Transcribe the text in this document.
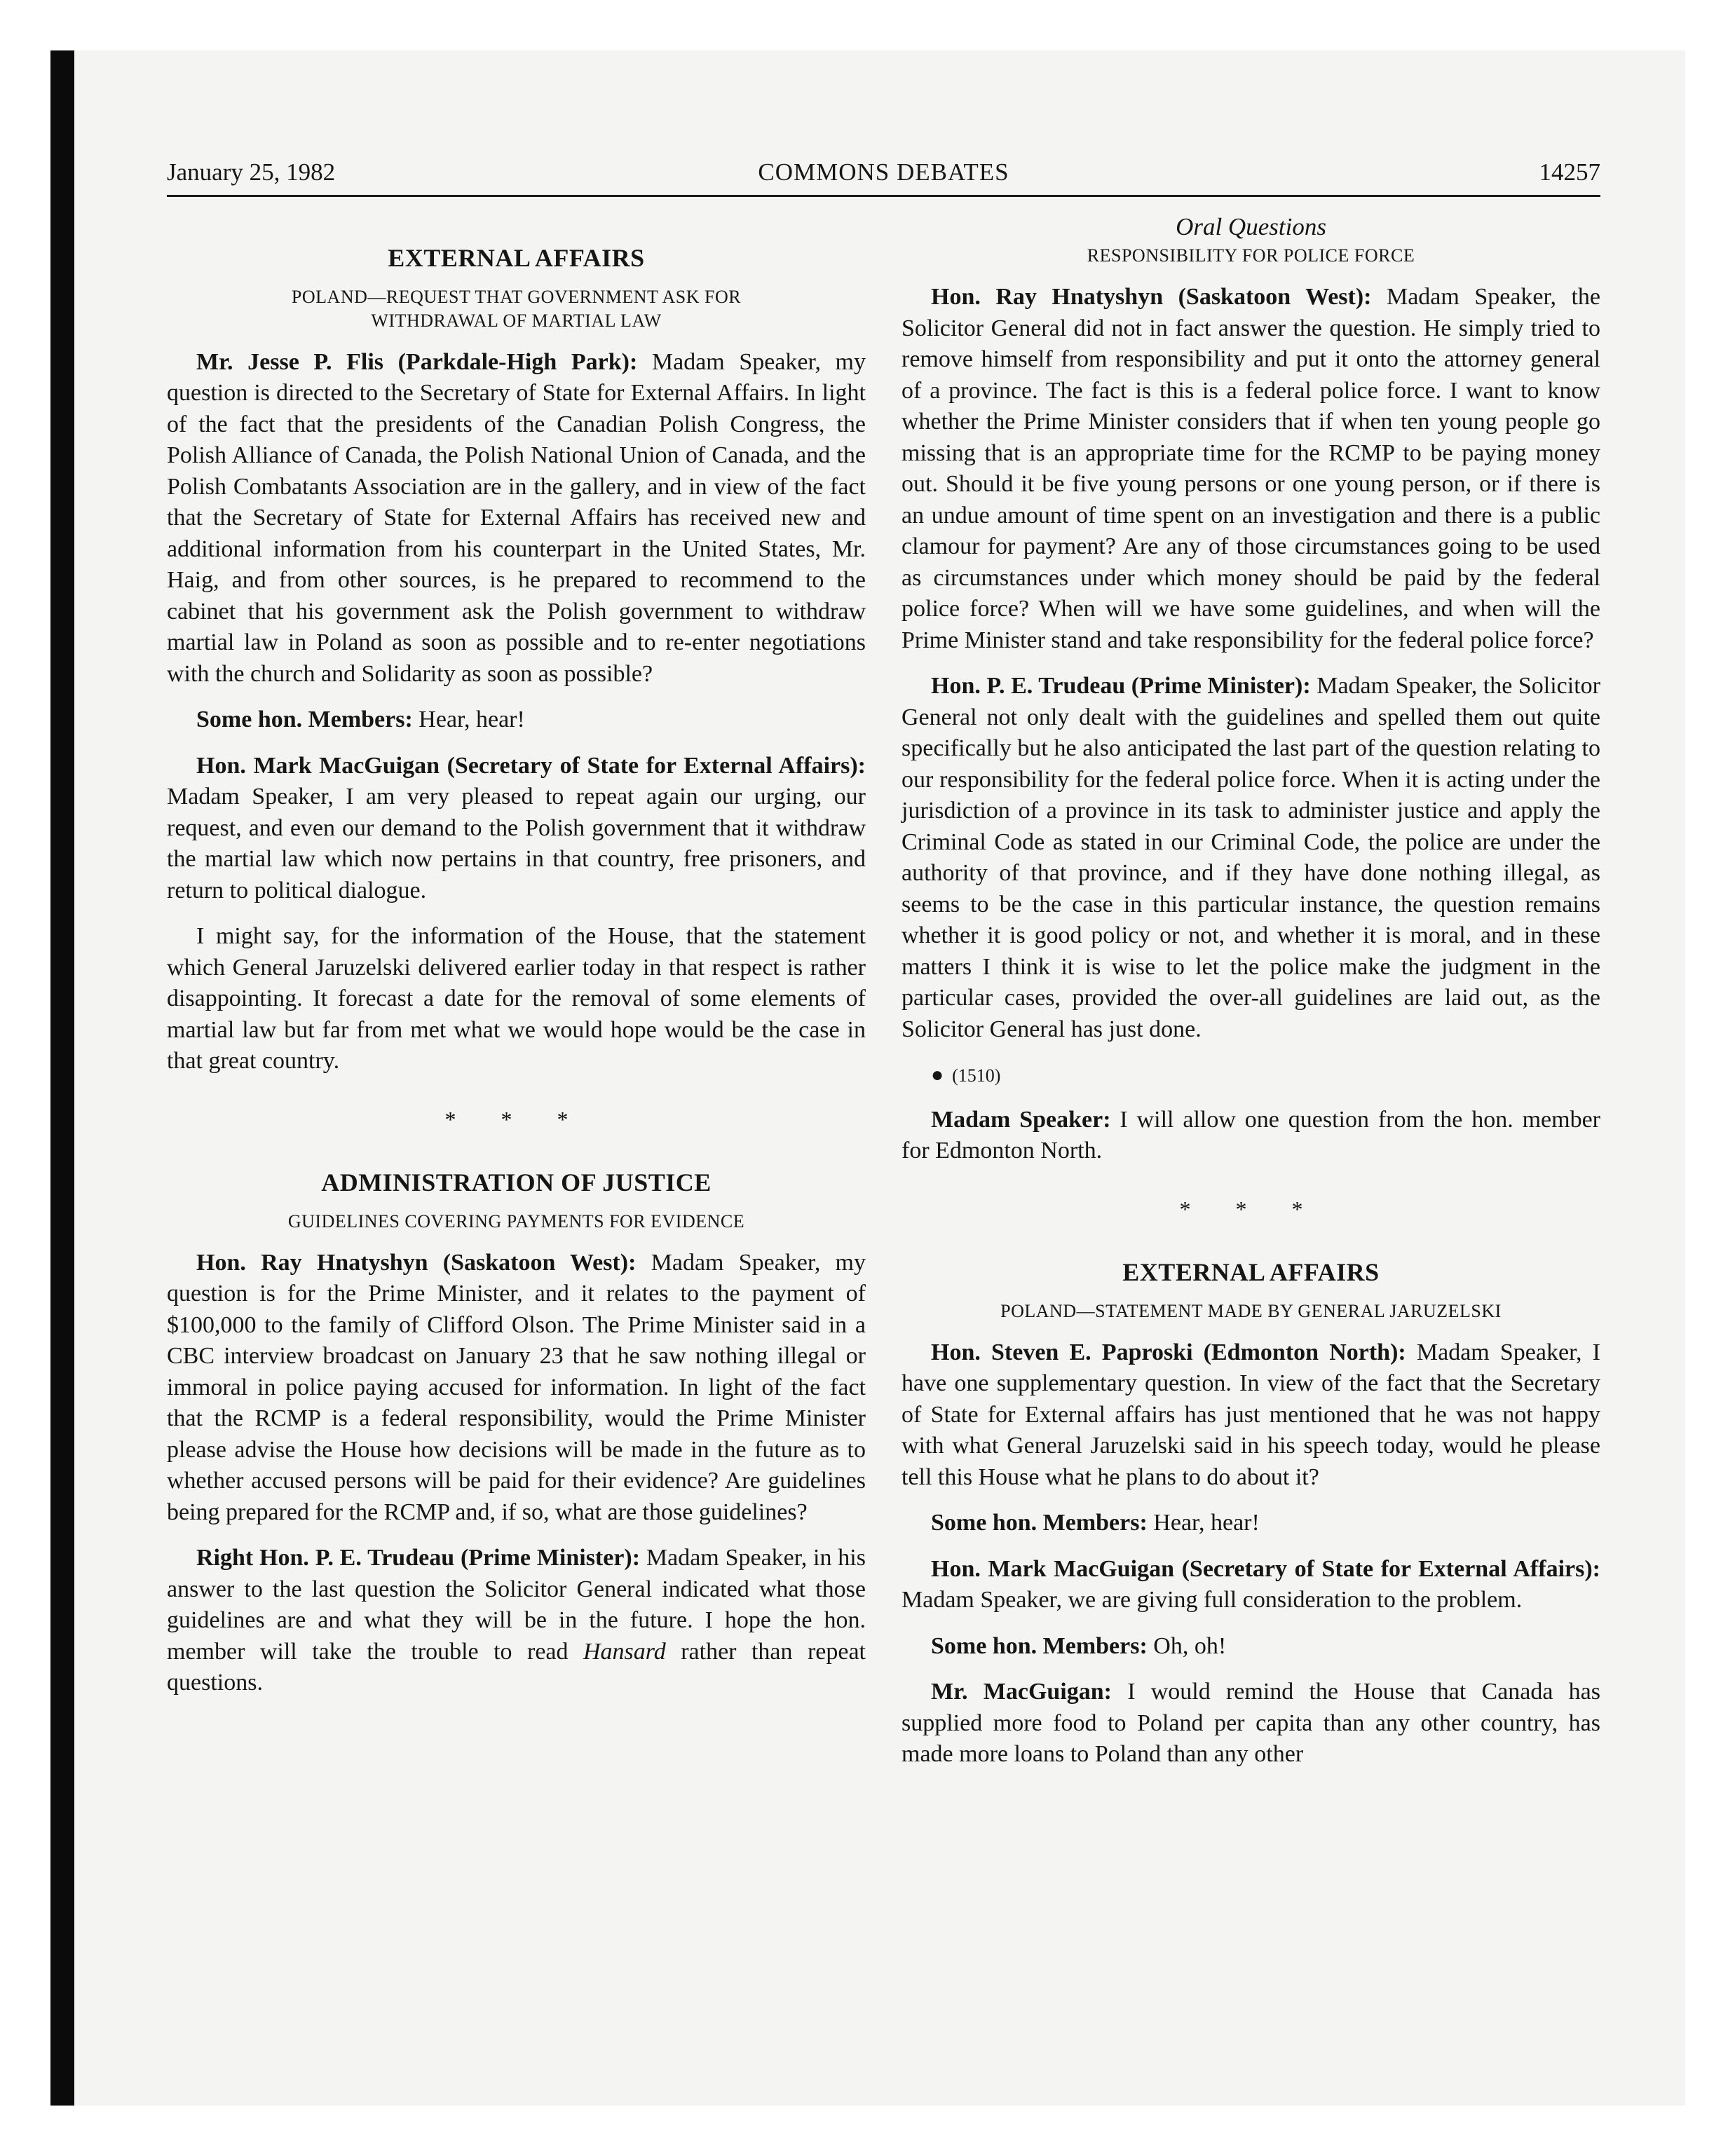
January 25, 1982	COMMONS DEBATES	14257
EXTERNAL AFFAIRS
POLAND—REQUEST THAT GOVERNMENT ASK FOR
WITHDRAWAL OF MARTIAL LAW

Mr. Jesse P. Flis (Parkdale-High Park): Madam Speaker, my question is directed to the Secretary of State for External Affairs. In light of the fact that the presidents of the Canadian Polish Congress, the Polish Alliance of Canada, the Polish National Union of Canada, and the Polish Combatants Association are in the gallery, and in view of the fact that the Secretary of State for External Affairs has received new and additional information from his counterpart in the United States, Mr. Haig, and from other sources, is he prepared to recommend to the cabinet that his government ask the Polish government to withdraw martial law in Poland as soon as possible and to re-enter negotiations with the church and Solidarity as soon as possible?

Some hon. Members: Hear, hear!

Hon. Mark MacGuigan (Secretary of State for External Affairs): Madam Speaker, I am very pleased to repeat again our urging, our request, and even our demand to the Polish government that it withdraw the martial law which now pertains in that country, free prisoners, and return to political dialogue.

I might say, for the information of the House, that the statement which General Jaruzelski delivered earlier today in that respect is rather disappointing. It forecast a date for the removal of some elements of martial law but far from met what we would hope would be the case in that great country.

* * *
ADMINISTRATION OF JUSTICE
GUIDELINES COVERING PAYMENTS FOR EVIDENCE

Hon. Ray Hnatyshyn (Saskatoon West): Madam Speaker, my question is for the Prime Minister, and it relates to the payment of $100,000 to the family of Clifford Olson. The Prime Minister said in a CBC interview broadcast on January 23 that he saw nothing illegal or immoral in police paying accused for information. In light of the fact that the RCMP is a federal responsibility, would the Prime Minister please advise the House how decisions will be made in the future as to whether accused persons will be paid for their evidence? Are guidelines being prepared for the RCMP and, if so, what are those guidelines?

Right Hon. P. E. Trudeau (Prime Minister): Madam Speaker, in his answer to the last question the Solicitor General indicated what those guidelines are and what they will be in the future. I hope the hon. member will take the trouble to read Hansard rather than repeat questions.

Oral Questions
RESPONSIBILITY FOR POLICE FORCE

Hon. Ray Hnatyshyn (Saskatoon West): Madam Speaker, the Solicitor General did not in fact answer the question. He simply tried to remove himself from responsibility and put it onto the attorney general of a province. The fact is this is a federal police force. I want to know whether the Prime Minister considers that if when ten young people go missing that is an appropriate time for the RCMP to be paying money out. Should it be five young persons or one young person, or if there is an undue amount of time spent on an investigation and there is a public clamour for payment? Are any of those circumstances going to be used as circumstances under which money should be paid by the federal police force? When will we have some guidelines, and when will the Prime Minister stand and take responsibility for the federal police force?

Hon. P. E. Trudeau (Prime Minister): Madam Speaker, the Solicitor General not only dealt with the guidelines and spelled them out quite specifically but he also anticipated the last part of the question relating to our responsibility for the federal police force. When it is acting under the jurisdiction of a province in its task to administer justice and apply the Criminal Code as stated in our Criminal Code, the police are under the authority of that province, and if they have done nothing illegal, as seems to be the case in this particular instance, the question remains whether it is good policy or not, and whether it is moral, and in these matters I think it is wise to let the police make the judgment in the particular cases, provided the over-all guidelines are laid out, as the Solicitor General has just done.

● (1510)

Madam Speaker: I will allow one question from the hon. member for Edmonton North.

* * *
EXTERNAL AFFAIRS
POLAND—STATEMENT MADE BY GENERAL JARUZELSKI

Hon. Steven E. Paproski (Edmonton North): Madam Speaker, I have one supplementary question. In view of the fact that the Secretary of State for External affairs has just mentioned that he was not happy with what General Jaruzelski said in his speech today, would he please tell this House what he plans to do about it?

Some hon. Members: Hear, hear!

Hon. Mark MacGuigan (Secretary of State for External Affairs): Madam Speaker, we are giving full consideration to the problem.

Some hon. Members: Oh, oh!

Mr. MacGuigan: I would remind the House that Canada has supplied more food to Poland per capita than any other country, has made more loans to Poland than any other
